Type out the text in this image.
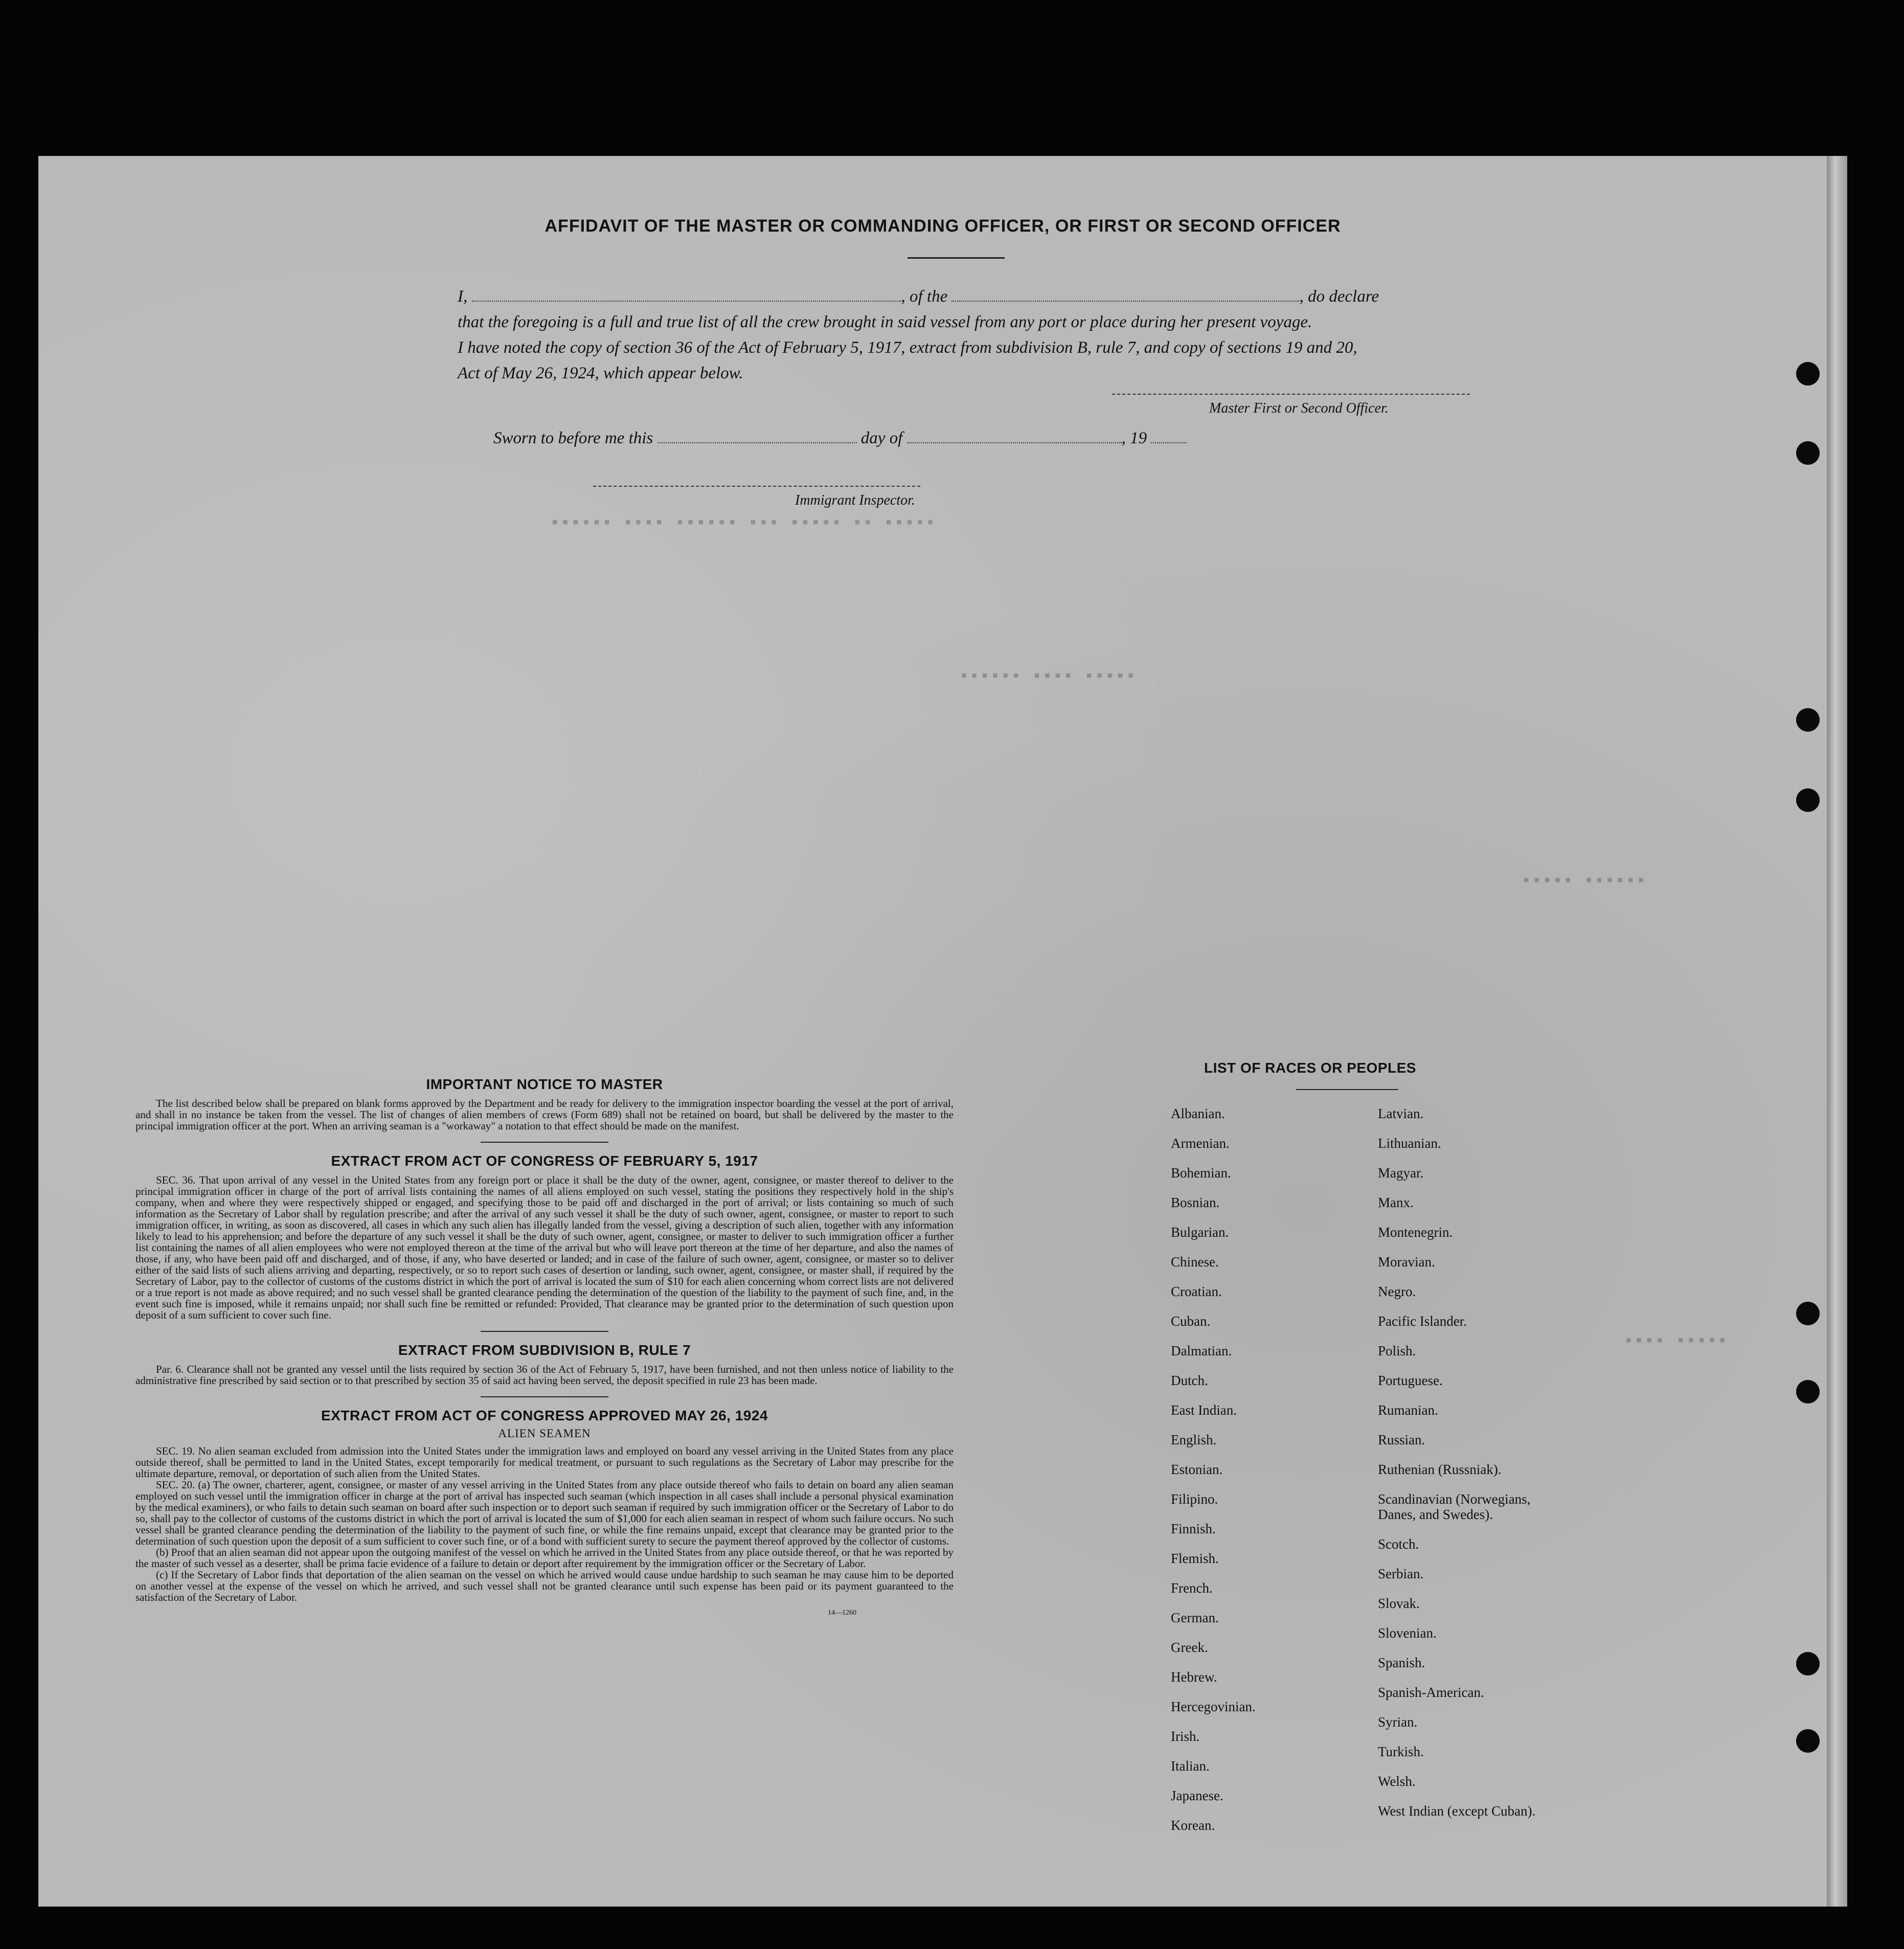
▪▪▪▪▪▪ ▪▪▪▪ ▪▪▪▪▪▪ ▪▪▪ ▪▪▪▪▪ ▪▪ ▪▪▪▪▪
▪▪▪▪▪▪ ▪▪▪▪ ▪▪▪▪▪
▪▪▪▪▪ ▪▪▪▪▪▪
▪▪▪▪ ▪▪▪▪▪
AFFIDAVIT OF THE MASTER OR COMMANDING OFFICER, OR FIRST OR SECOND OFFICER
I,	, of the	, do declare
that the foregoing is a full and true list of all the crew brought in said vessel from any port or place during her present voyage.
I have noted the copy of section 36 of the Act of February 5, 1917, extract from subdivision B, rule 7, and copy of sections 19 and 20,
Act of May 26, 1924, which appear below.
Master First or Second Officer.
Sworn to before me this	day of	, 19
Immigrant Inspector.
IMPORTANT NOTICE TO MASTER

The list described below shall be prepared on blank forms approved by the Department and be ready for delivery to the immigration inspector boarding the vessel at the port of arrival, and shall in no instance be taken from the vessel. The list of changes of alien members of crews (Form 689) shall not be retained on board, but shall be delivered by the master to the principal immigration officer at the port. When an arriving seaman is a "workaway" a notation to that effect should be made on the manifest.

EXTRACT FROM ACT OF CONGRESS OF FEBRUARY 5, 1917

SEC. 36. That upon arrival of any vessel in the United States from any foreign port or place it shall be the duty of the owner, agent, consignee, or master thereof to deliver to the principal immigration officer in charge of the port of arrival lists containing the names of all aliens employed on such vessel, stating the positions they respectively hold in the ship's company, when and where they were respectively shipped or engaged, and specifying those to be paid off and discharged in the port of arrival; or lists containing so much of such information as the Secretary of Labor shall by regulation prescribe; and after the arrival of any such vessel it shall be the duty of such owner, agent, consignee, or master to report to such immigration officer, in writing, as soon as discovered, all cases in which any such alien has illegally landed from the vessel, giving a description of such alien, together with any information likely to lead to his apprehension; and before the departure of any such vessel it shall be the duty of such owner, agent, consignee, or master to deliver to such immigration officer a further list containing the names of all alien employees who were not employed thereon at the time of the arrival but who will leave port thereon at the time of her departure, and also the names of those, if any, who have been paid off and discharged, and of those, if any, who have deserted or landed; and in case of the failure of such owner, agent, consignee, or master so to deliver either of the said lists of such aliens arriving and departing, respectively, or so to report such cases of desertion or landing, such owner, agent, consignee, or master shall, if required by the Secretary of Labor, pay to the collector of customs of the customs district in which the port of arrival is located the sum of $10 for each alien concerning whom correct lists are not delivered or a true report is not made as above required; and no such vessel shall be granted clearance pending the determination of the question of the liability to the payment of such fine, and, in the event such fine is imposed, while it remains unpaid; nor shall such fine be remitted or refunded: Provided, That clearance may be granted prior to the determination of such question upon deposit of a sum sufficient to cover such fine.

EXTRACT FROM SUBDIVISION B, RULE 7

Par. 6. Clearance shall not be granted any vessel until the lists required by section 36 of the Act of February 5, 1917, have been furnished, and not then unless notice of liability to the administrative fine prescribed by said section or to that prescribed by section 35 of said act having been served, the deposit specified in rule 23 has been made.

EXTRACT FROM ACT OF CONGRESS APPROVED MAY 26, 1924
ALIEN SEAMEN

SEC. 19. No alien seaman excluded from admission into the United States under the immigration laws and employed on board any vessel arriving in the United States from any place outside thereof, shall be permitted to land in the United States, except temporarily for medical treatment, or pursuant to such regulations as the Secretary of Labor may prescribe for the ultimate departure, removal, or deportation of such alien from the United States.

SEC. 20. (a) The owner, charterer, agent, consignee, or master of any vessel arriving in the United States from any place outside thereof who fails to detain on board any alien seaman employed on such vessel until the immigration officer in charge at the port of arrival has inspected such seaman (which inspection in all cases shall include a personal physical examination by the medical examiners), or who fails to detain such seaman on board after such inspection or to deport such seaman if required by such immigration officer or the Secretary of Labor to do so, shall pay to the collector of customs of the customs district in which the port of arrival is located the sum of $1,000 for each alien seaman in respect of whom such failure occurs. No such vessel shall be granted clearance pending the determination of the liability to the payment of such fine, or while the fine remains unpaid, except that clearance may be granted prior to the determination of such question upon the deposit of a sum sufficient to cover such fine, or of a bond with sufficient surety to secure the payment thereof approved by the collector of customs.

(b) Proof that an alien seaman did not appear upon the outgoing manifest of the vessel on which he arrived in the United States from any place outside thereof, or that he was reported by the master of such vessel as a deserter, shall be prima facie evidence of a failure to detain or deport after requirement by the immigration officer or the Secretary of Labor.

(c) If the Secretary of Labor finds that deportation of the alien seaman on the vessel on which he arrived would cause undue hardship to such seaman he may cause him to be deported on another vessel at the expense of the vessel on which he arrived, and such vessel shall not be granted clearance until such expense has been paid or its payment guaranteed to the satisfaction of the Secretary of Labor.

14—1260
LIST OF RACES OR PEOPLES
Albanian.
Armenian.
Bohemian.
Bosnian.
Bulgarian.
Chinese.
Croatian.
Cuban.
Dalmatian.
Dutch.
East Indian.
English.
Estonian.
Filipino.
Finnish.
Flemish.
French.
German.
Greek.
Hebrew.
Hercegovinian.
Irish.
Italian.
Japanese.
Korean.
Latvian.
Lithuanian.
Magyar.
Manx.
Montenegrin.
Moravian.
Negro.
Pacific Islander.
Polish.
Portuguese.
Rumanian.
Russian.
Ruthenian (Russniak).
Scandinavian (Norwegians,
Danes, and Swedes).
Scotch.
Serbian.
Slovak.
Slovenian.
Spanish.
Spanish-American.
Syrian.
Turkish.
Welsh.
West Indian (except Cuban).
